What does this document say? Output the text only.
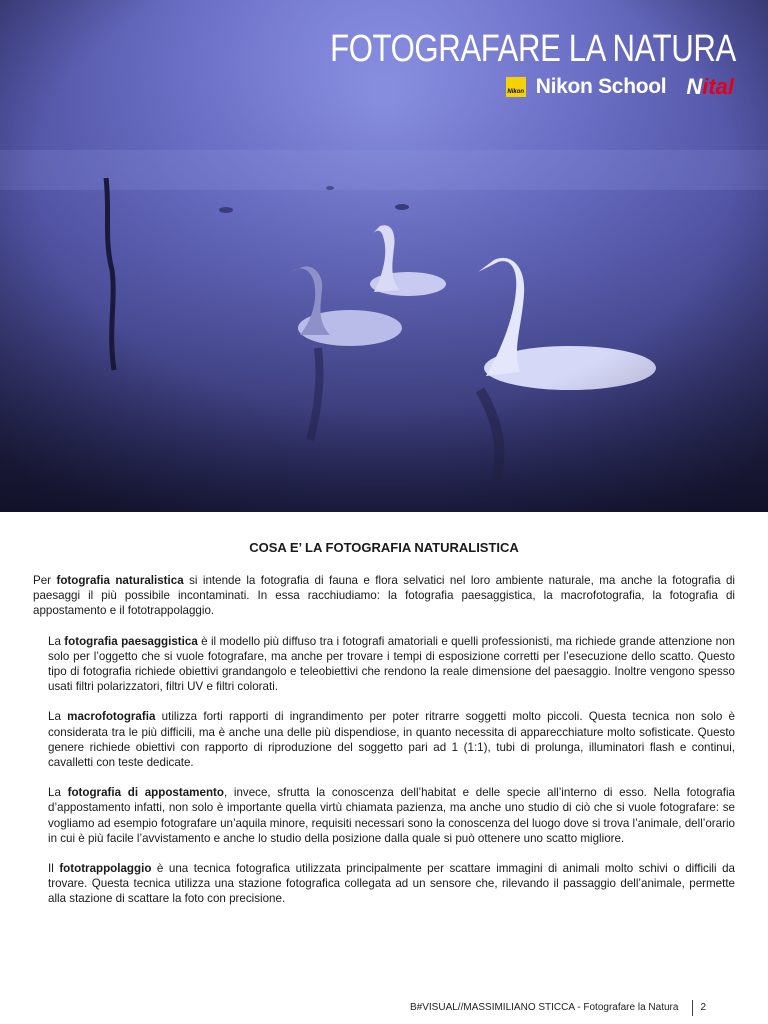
FOTOGRAFARE LA NATURA
Nikon Nikon School Nital
COSA E’ LA FOTOGRAFIA NATURALISTICA

Per fotografia naturalistica si intende la fotografia di fauna e flora selvatici nel loro ambiente naturale, ma anche la fotografia di paesaggi il più possibile incontaminati. In essa racchiudiamo: la fotografia paesaggistica, la macrofotografia, la fotografia di appostamento e il fototrappolaggio.

La fotografia paesaggistica è il modello più diffuso tra i fotografi amatoriali e quelli professionisti, ma richiede grande attenzione non solo per l’oggetto che si vuole fotografare, ma anche per trovare i tempi di esposizione corretti per l’esecuzione dello scatto. Questo tipo di fotografia richiede obiettivi grandangolo e teleobiettivi che rendono la reale dimensione del paesaggio. Inoltre vengono spesso usati filtri polarizzatori, filtri UV e filtri colorati.

La macrofotografia utilizza forti rapporti di ingrandimento per poter ritrarre soggetti molto piccoli. Questa tecnica non solo è considerata tra le più difficili, ma è anche una delle più dispendiose, in quanto necessita di apparecchiature molto sofisticate. Questo genere richiede obiettivi con rapporto di riproduzione del soggetto pari ad 1 (1:1), tubi di prolunga, illuminatori flash e continui, cavalletti con teste dedicate.

La fotografia di appostamento, invece, sfrutta la conoscenza dell’habitat e delle specie all’interno di esso. Nella fotografia d’appostamento infatti, non solo è importante quella virtù chiamata pazienza, ma anche uno studio di ciò che si vuole fotografare: se vogliamo ad esempio fotografare un’aquila minore, requisiti necessari sono la conoscenza del luogo dove si trova l’animale, dell’orario in cui è più facile l’avvistamento e anche lo studio della posizione dalla quale si può ottenere uno scatto migliore.

Il fototrappolaggio è una tecnica fotografica utilizzata principalmente per scattare immagini di animali molto schivi o difficili da trovare. Questa tecnica utilizza una stazione fotografica collegata ad un sensore che, rilevando il passaggio dell’animale, permette alla stazione di scattare la foto con precisione.

B#VISUAL//MASSIMILIANO STICCA - Fotografare la Natura 2
